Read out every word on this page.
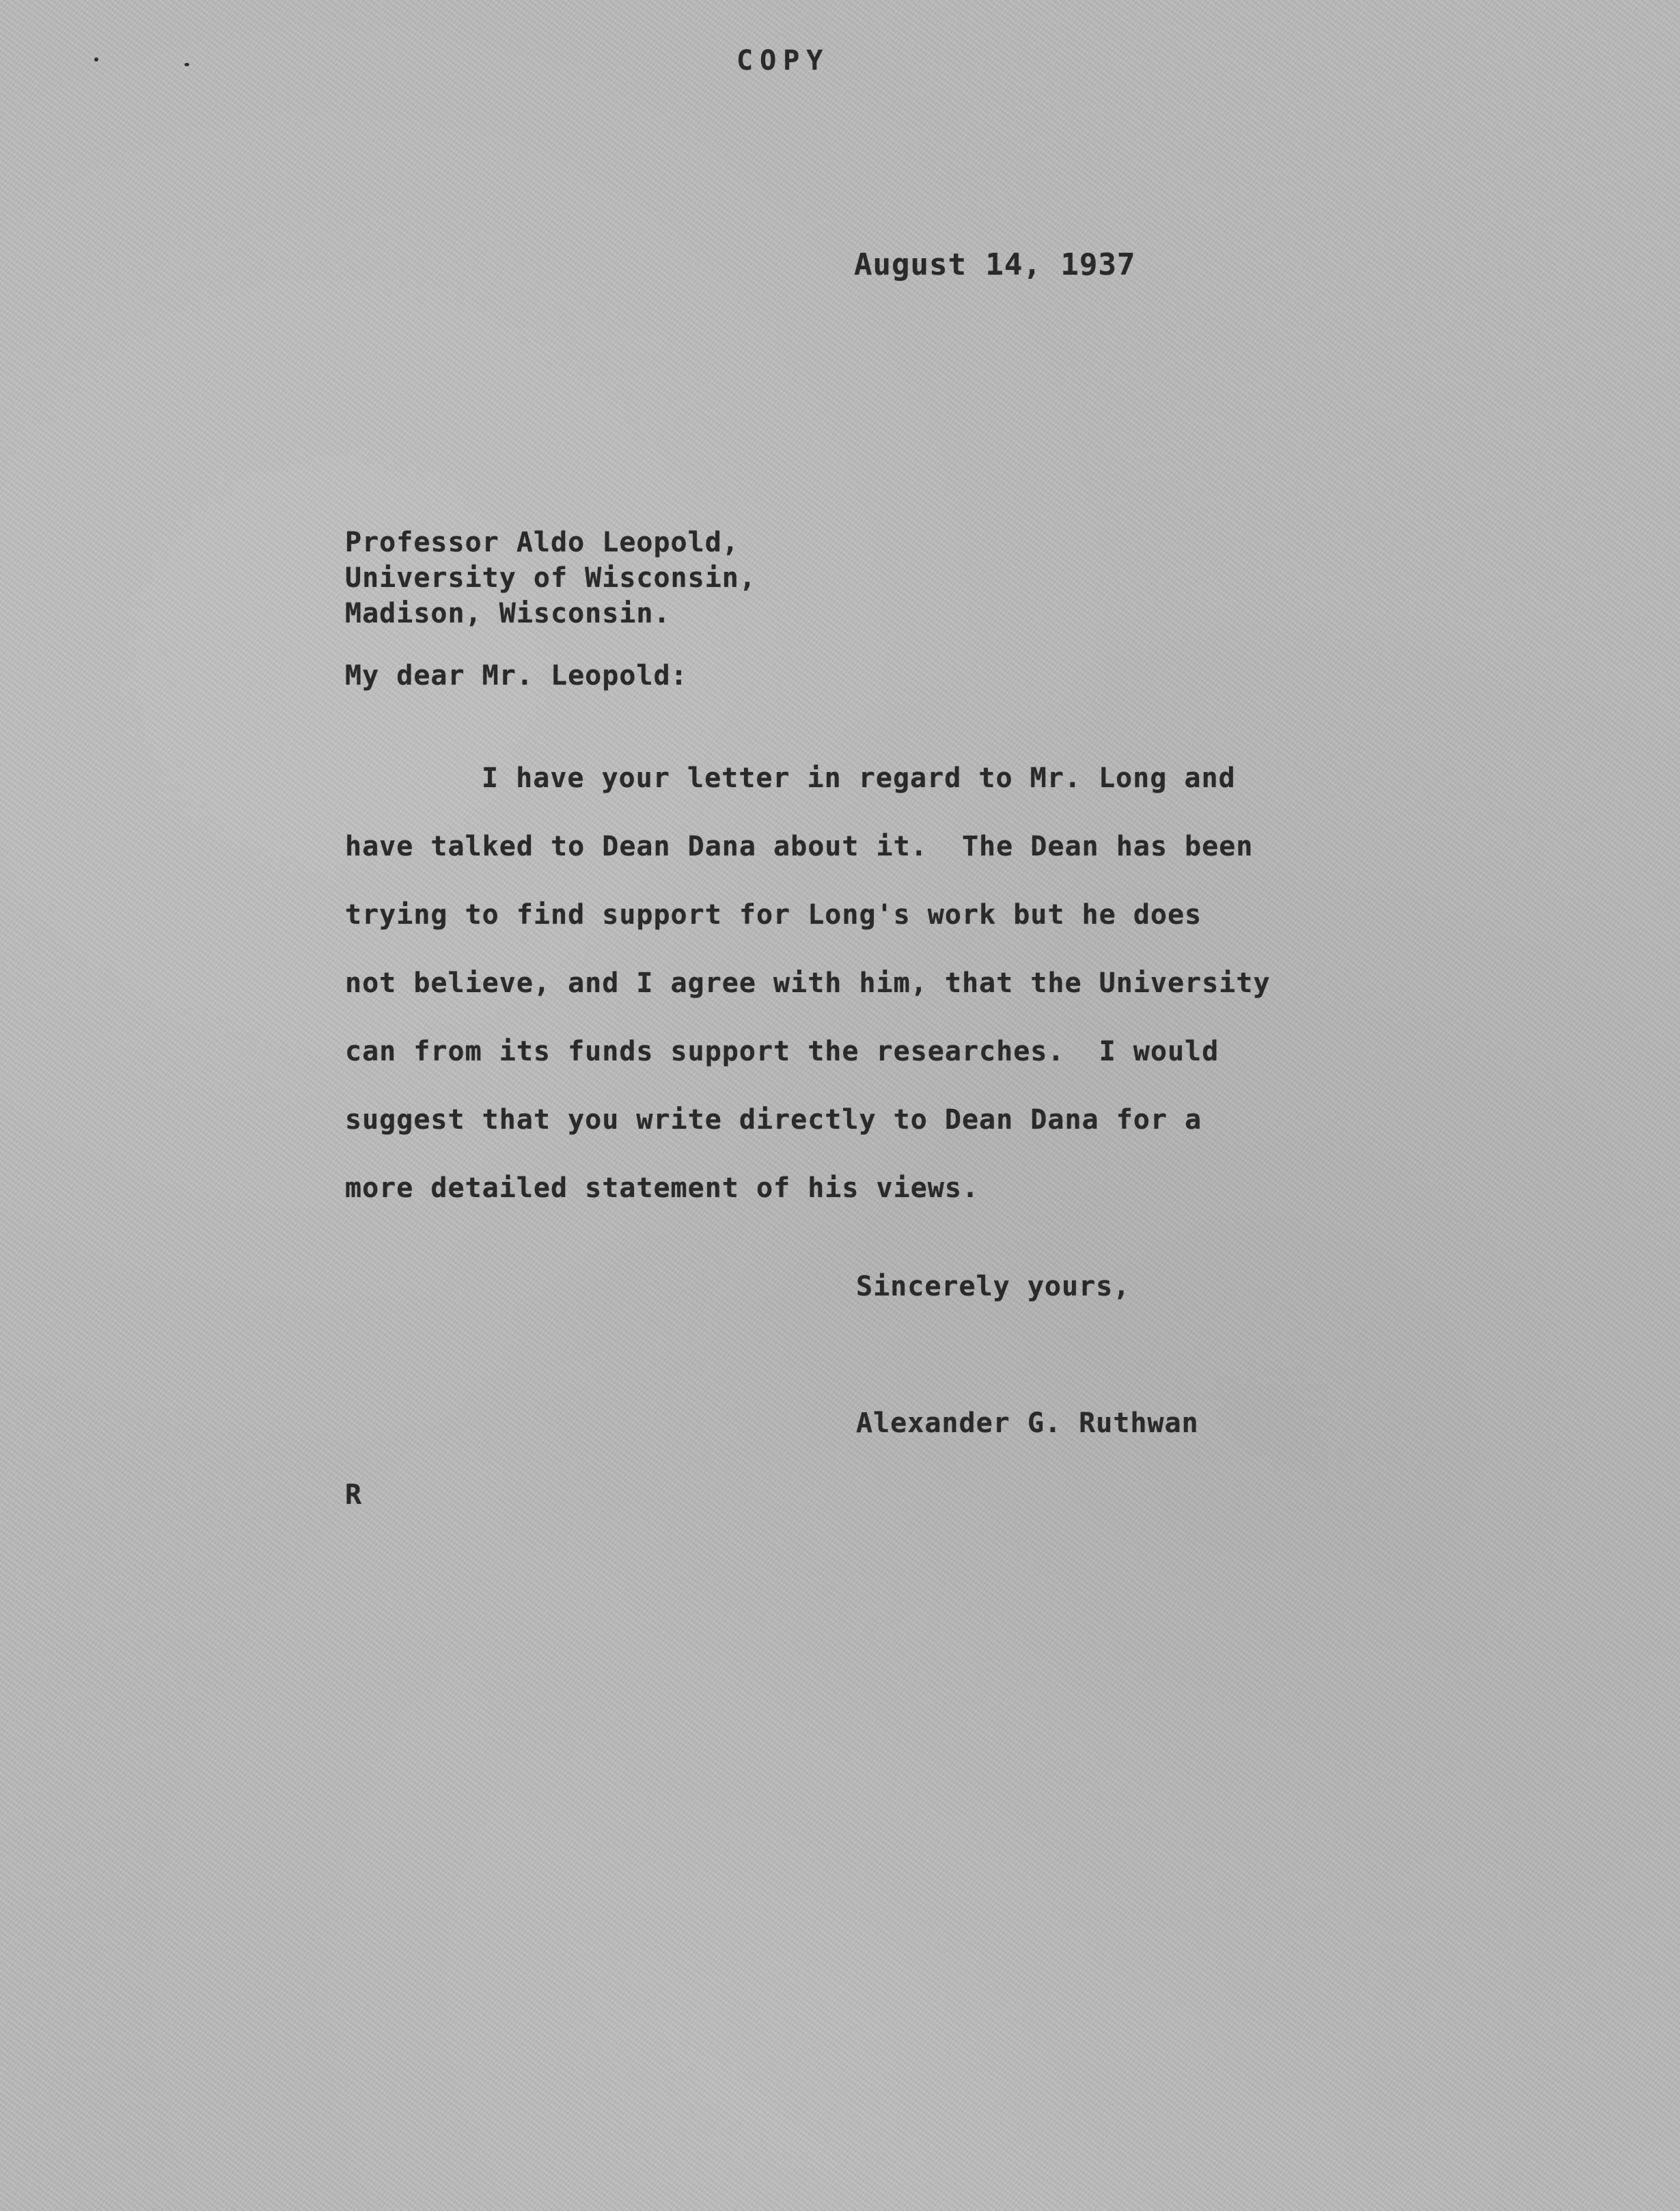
COPY
August 14, 1937
Professor Aldo Leopold,
University of Wisconsin,
Madison, Wisconsin.
My dear Mr. Leopold:
I have your letter in regard to Mr. Long and
have talked to Dean Dana about it.  The Dean has been
trying to find support for Long's work but he does
not believe, and I agree with him, that the University
can from its funds support the researches.  I would
suggest that you write directly to Dean Dana for a
more detailed statement of his views.
Sincerely yours,
Alexander G. Ruthwan
R
